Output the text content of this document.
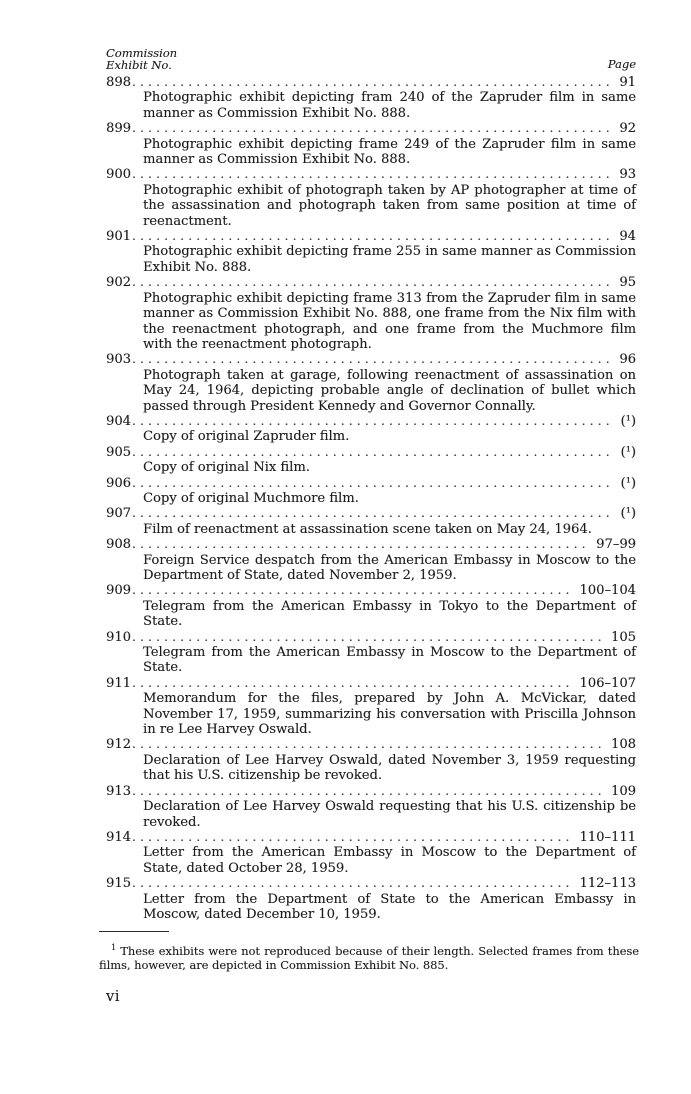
Commission
Exhibit No.	Page
898 . . .	91
Photographic exhibit depicting fram 240 of the Zapruder film in same manner as Commission Exhibit No. 888.
899 . . .	92
Photographic exhibit depicting frame 249 of the Zapruder film in same manner as Commission Exhibit No. 888.
900 . . .	93
Photographic exhibit of photograph taken by AP photographer at time of the assassination and photograph taken from same position at time of reenactment.
901 . . .	94
Photographic exhibit depicting frame 255 in same manner as Commission Exhibit No. 888.
902 . . .	95
Photographic exhibit depicting frame 313 from the Zapruder film in same manner as Commission Exhibit No. 888, one frame from the Nix film with the reenactment photograph, and one frame from the Muchmore film with the reenactment photograph.
903 . . .	96
Photograph taken at garage, following reenactment of assassination on May 24, 1964, depicting probable angle of declination of bullet which passed through President Kennedy and Governor Connally.
904 . . .	(¹)
Copy of original Zapruder film.
905 . . .	(¹)
Copy of original Nix film.
906 . . .	(¹)
Copy of original Muchmore film.
907 . . .	(¹)
Film of reenactment at assassination scene taken on May 24, 1964.
908 . . .	97–99
Foreign Service despatch from the American Embassy in Moscow to the Department of State, dated November 2, 1959.
909 . . .	100–104
Telegram from the American Embassy in Tokyo to the Department of State.
910 . . .	105
Telegram from the American Embassy in Moscow to the Department of State.
911 . . .	106–107
Memorandum for the files, prepared by John A. McVickar, dated November 17, 1959, summarizing his conversation with Priscilla Johnson in re Lee Harvey Oswald.
912 . . .	108
Declaration of Lee Harvey Oswald, dated November 3, 1959 requesting that his U.S. citizenship be revoked.
913 . . .	109
Declaration of Lee Harvey Oswald requesting that his U.S. citizenship be revoked.
914 . . .	110–111
Letter from the American Embassy in Moscow to the Department of State, dated October 28, 1959.
915 . . .	112–113
Letter from the Department of State to the American Embassy in Moscow, dated December 10, 1959.

$^1$ These exhibits were not reproduced because of their length. Selected frames from these films, however, are depicted in Commission Exhibit No. 885.

vi
